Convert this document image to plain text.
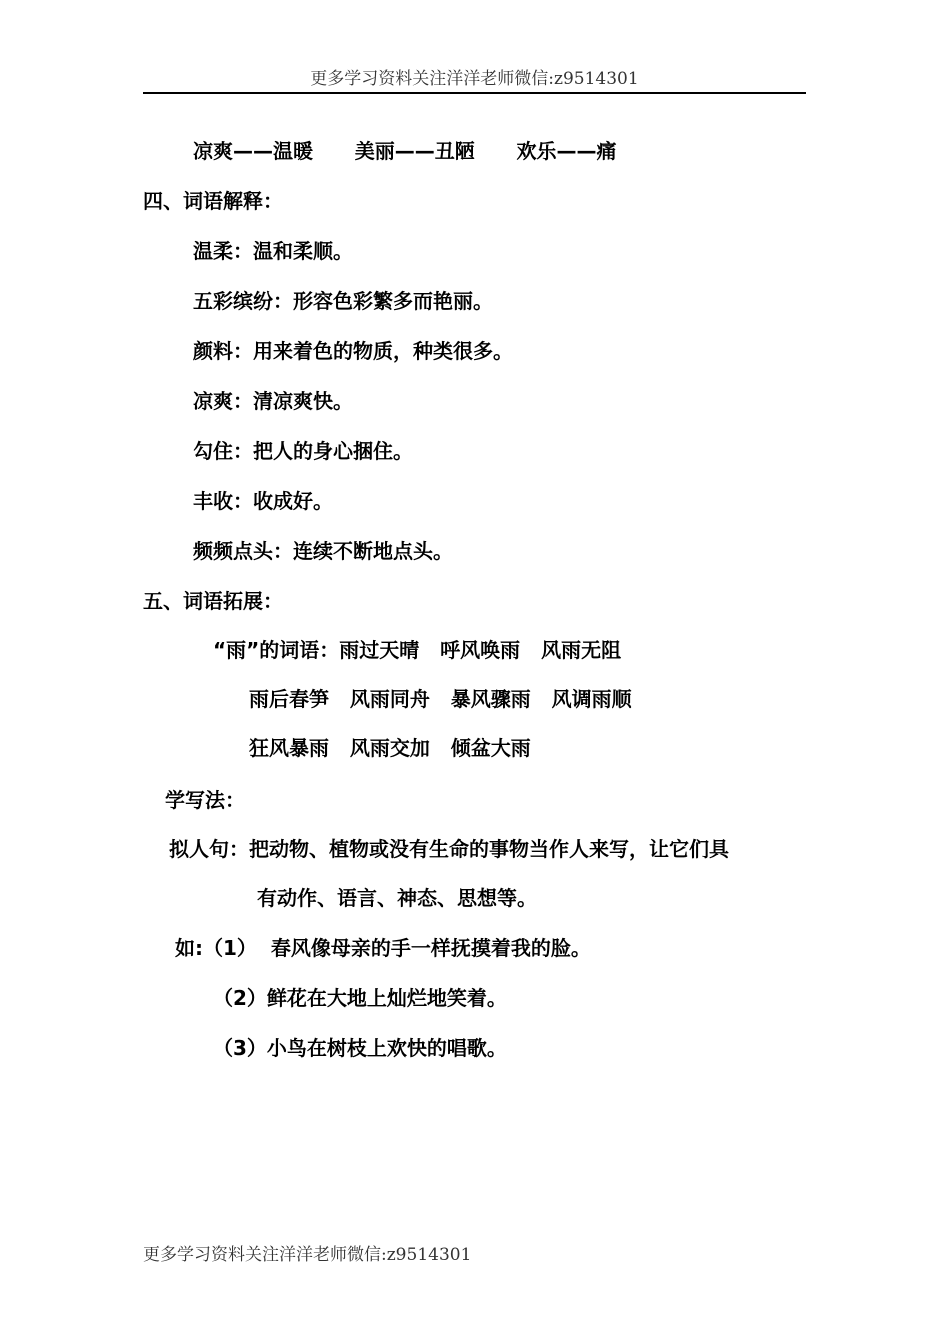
更多学习资料关注洋洋老师微信:z9514301
凉爽——温暖      美丽——丑陋      欢乐——痛
四、词语解释：
温柔：温和柔顺。
五彩缤纷：形容色彩繁多而艳丽。
颜料：用来着色的物质，种类很多。
凉爽：清凉爽快。
勾住：把人的身心捆住。
丰收：收成好。
频频点头：连续不断地点头。
五、词语拓展：
“雨”的词语：雨过天晴   呼风唤雨   风雨无阻
雨后春笋   风雨同舟   暴风骤雨   风调雨顺
狂风暴雨   风雨交加   倾盆大雨
学写法：
拟人句：把动物、植物或没有生命的事物当作人来写，让它们具
有动作、语言、神态、思想等。
如:（1）  春风像母亲的手一样抚摸着我的脸。
（2）鲜花在大地上灿烂地笑着。
（3）小鸟在树枝上欢快的唱歌。
更多学习资料关注洋洋老师微信:z9514301
